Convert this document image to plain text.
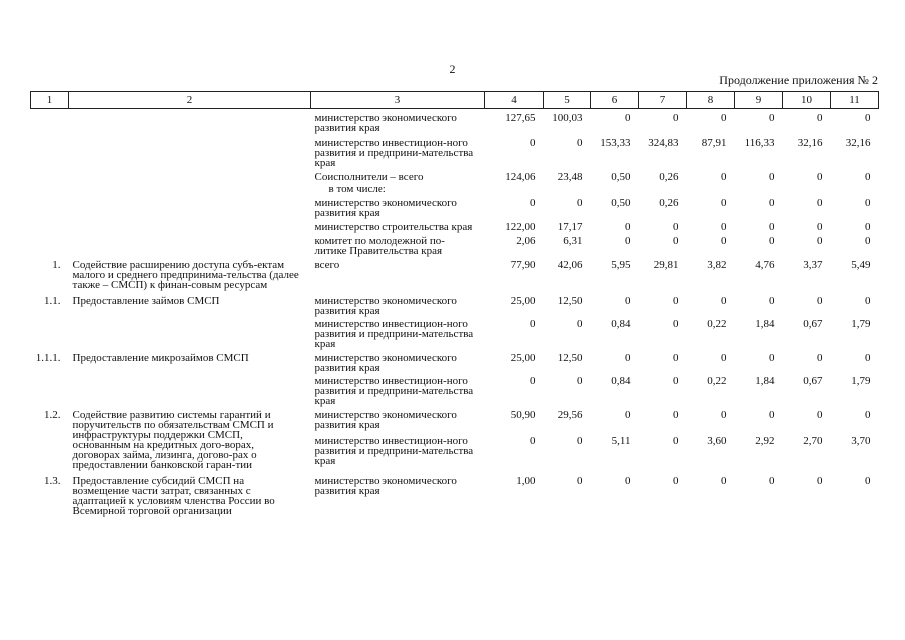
2
Продолжение приложения № 2
1	2	3	4	5	6	7	8	9	10	11
		министерство экономического развития края	127,65	100,03	0	0	0	0	0	0
		министерство инвестицион-ного развития и предприни-мательства края	0	0	153,33	324,83	87,91	116,33	32,16	32,16
		Соисполнители – всего	124,06	23,48	0,50	0,26	0	0	0	0
		в том числе:								
		министерство экономического развития края	0	0	0,50	0,26	0	0	0	0
		министерство строительства края	122,00	17,17	0	0	0	0	0	0
		комитет по молодежной по-литике Правительства края	2,06	6,31	0	0	0	0	0	0
1.	Содействие расширению доступа субъ-ектам малого и среднего предпринима-тельства (далее также – СМСП) к финан-совым ресурсам	всего	77,90	42,06	5,95	29,81	3,82	4,76	3,37	5,49
1.1.	Предоставление займов СМСП	министерство экономического развития края	25,00	12,50	0	0	0	0	0	0
		министерство инвестицион-ного развития и предприни-мательства края	0	0	0,84	0	0,22	1,84	0,67	1,79
1.1.1.	Предоставление микрозаймов СМСП	министерство экономического развития края	25,00	12,50	0	0	0	0	0	0
		министерство инвестицион-ного развития и предприни-мательства края	0	0	0,84	0	0,22	1,84	0,67	1,79
1.2.	Содействие развитию системы гарантий и поручительств по обязательствам СМСП и инфраструктуры поддержки СМСП, основанным на кредитных дого-ворах, договорах займа, лизинга, догово-рах о предоставлении банковской гаран-тии	министерство экономического развития края	50,90	29,56	0	0	0	0	0	0
		министерство инвестицион-ного развития и предприни-мательства края	0	0	5,11	0	3,60	2,92	2,70	3,70
1.3.	Предоставление субсидий СМСП на возмещение части затрат, связанных с адаптацией к условиям членства России во Всемирной торговой организации	министерство экономического развития края	1,00	0	0	0	0	0	0	0
